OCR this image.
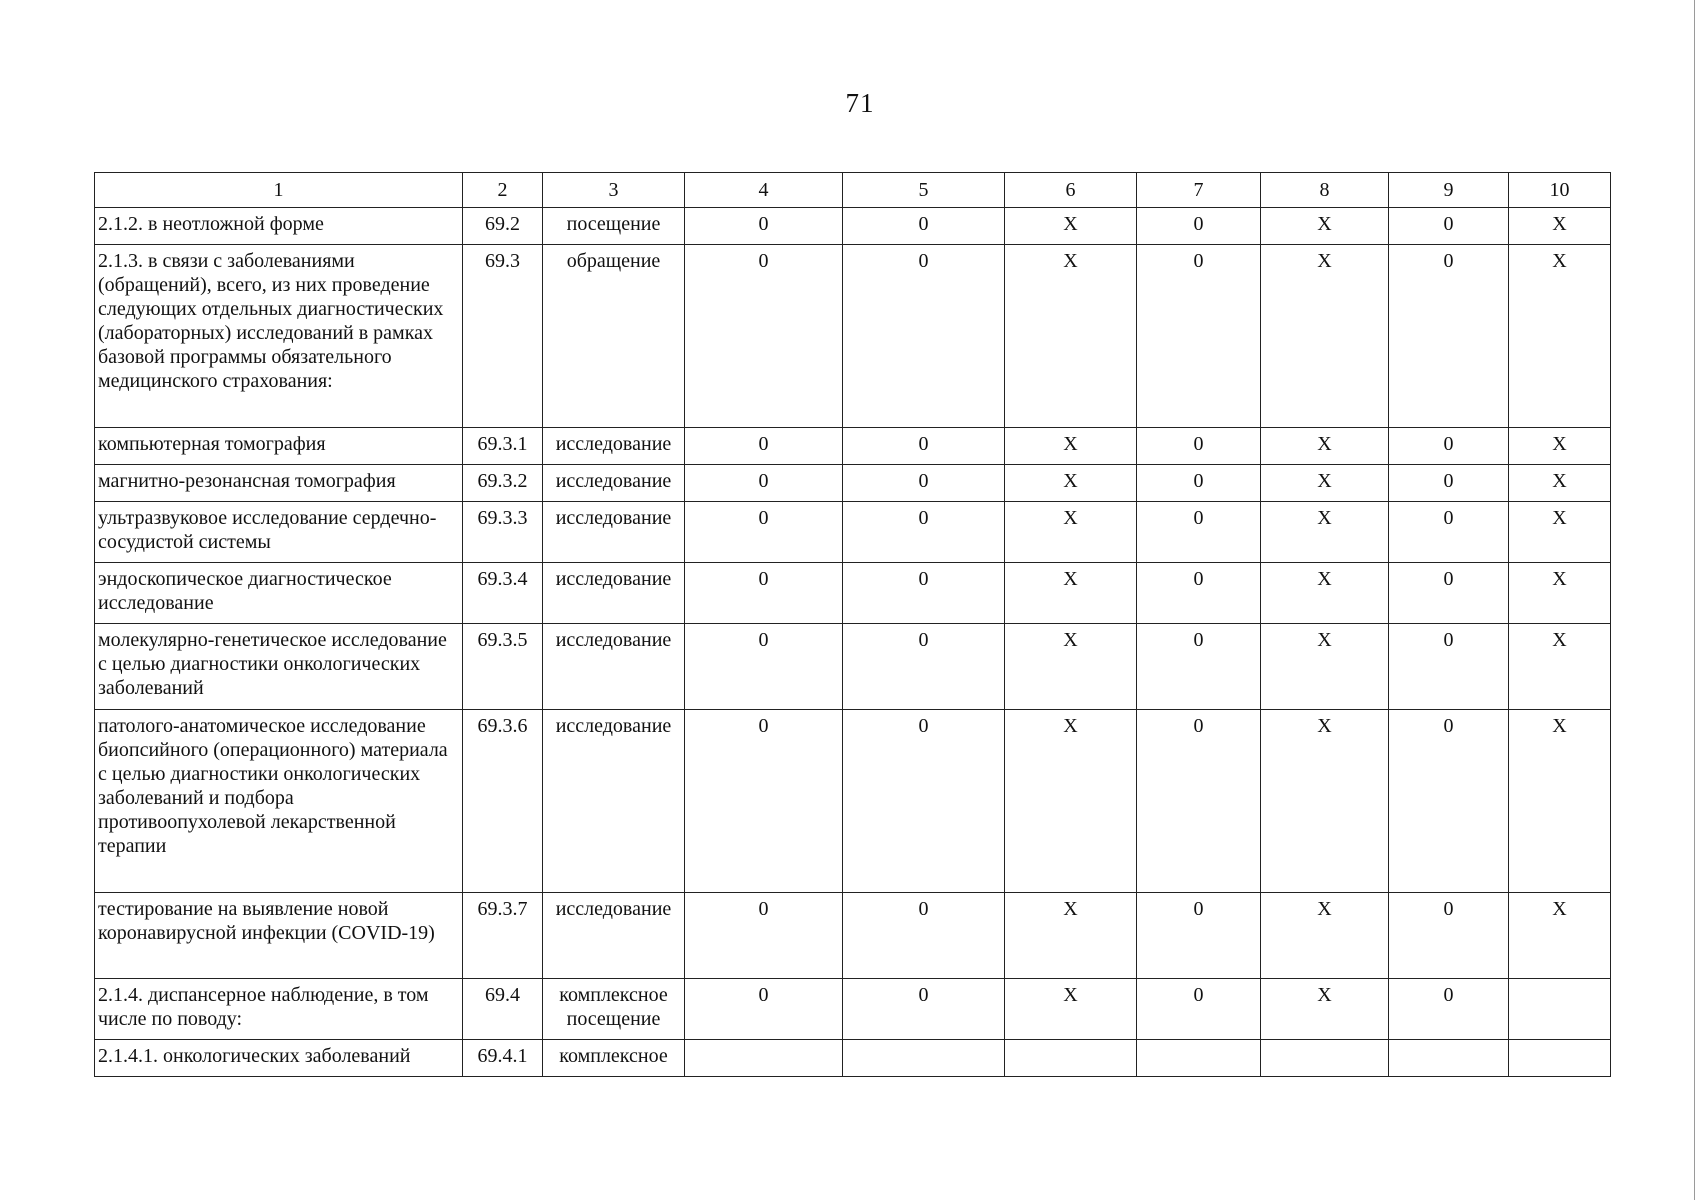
71
1	2	3	4	5	6	7	8	9	10
2.1.2. в неотложной форме	69.2	посещение	0	0	X	0	X	0	X
2.1.3. в связи с заболеваниями (обращений), всего, из них проведение следующих отдельных диагностических (лабораторных) исследований в рамках базовой программы обязательного медицинского страхования:	69.3	обращение	0	0	X	0	X	0	X
компьютерная томография	69.3.1	исследование	0	0	X	0	X	0	X
магнитно-резонансная томография	69.3.2	исследование	0	0	X	0	X	0	X
ультразвуковое исследование сердечно-сосудистой системы	69.3.3	исследование	0	0	X	0	X	0	X
эндоскопическое диагностическое исследование	69.3.4	исследование	0	0	X	0	X	0	X
молекулярно-генетическое исследование с целью диагностики онкологических заболеваний	69.3.5	исследование	0	0	X	0	X	0	X
патолого-анатомическое исследование биопсийного (операционного) материала с целью диагностики онкологических заболеваний и подбора противоопухолевой лекарственной терапии	69.3.6	исследование	0	0	X	0	X	0	X
тестирование на выявление новой коронавирусной инфекции (COVID-19)	69.3.7	исследование	0	0	X	0	X	0	X
2.1.4. диспансерное наблюдение, в том числе по поводу:	69.4	комплексное посещение	0	0	X	0	X	0	
2.1.4.1. онкологических заболеваний	69.4.1	комплексное							
